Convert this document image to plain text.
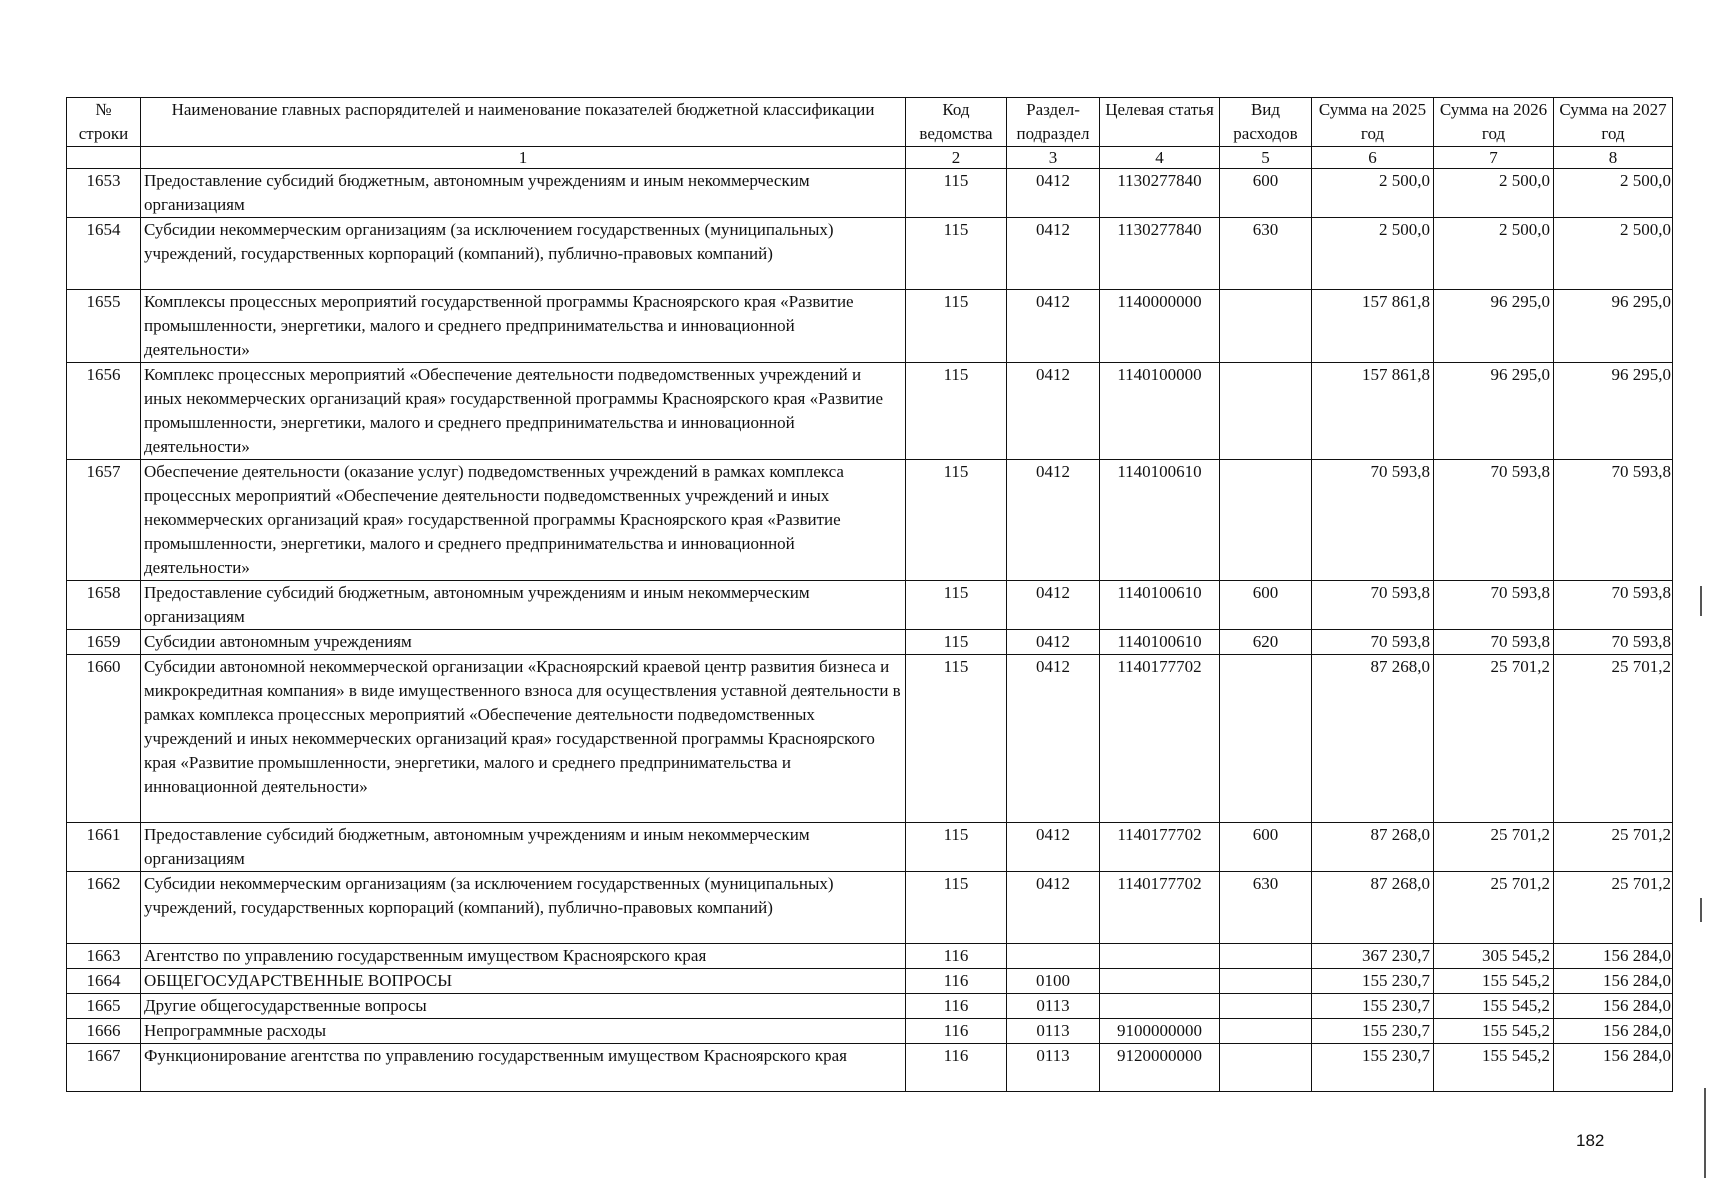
№ строки	Наименование главных распорядителей и наименование показателей бюджетной классификации	Код ведомства	Раздел-подраздел	Целевая статья	Вид расходов	Сумма на 2025 год	Сумма на 2026 год	Сумма на 2027 год
	1	2	3	4	5	6	7	8
1653	Предоставление субсидий бюджетным, автономным учреждениям и иным некоммерческим организациям	115	0412	1130277840	600	2 500,0	2 500,0	2 500,0
1654	Субсидии некоммерческим организациям (за исключением государственных (муниципальных) учреждений, государственных корпораций (компаний), публично-правовых компаний)	115	0412	1130277840	630	2 500,0	2 500,0	2 500,0
1655	Комплексы процессных мероприятий государственной программы Красноярского края «Развитие промышленности, энергетики, малого и среднего предпринимательства и инновационной деятельности»	115	0412	1140000000		157 861,8	96 295,0	96 295,0
1656	Комплекс процессных мероприятий «Обеспечение деятельности подведомственных учреждений и иных некоммерческих организаций края» государственной программы Красноярского края «Развитие промышленности, энергетики, малого и среднего предпринимательства и инновационной деятельности»	115	0412	1140100000		157 861,8	96 295,0	96 295,0
1657	Обеспечение деятельности (оказание услуг) подведомственных учреждений в рамках комплекса процессных мероприятий «Обеспечение деятельности подведомственных учреждений и иных некоммерческих организаций края» государственной программы Красноярского края «Развитие промышленности, энергетики, малого и среднего предпринимательства и инновационной деятельности»	115	0412	1140100610		70 593,8	70 593,8	70 593,8
1658	Предоставление субсидий бюджетным, автономным учреждениям и иным некоммерческим организациям	115	0412	1140100610	600	70 593,8	70 593,8	70 593,8
1659	Субсидии автономным учреждениям	115	0412	1140100610	620	70 593,8	70 593,8	70 593,8
1660	Субсидии автономной некоммерческой организации «Красноярский краевой центр развития бизнеса и микрокредитная компания» в виде имущественного взноса для осуществления уставной деятельности в рамках комплекса процессных мероприятий «Обеспечение деятельности подведомственных учреждений и иных некоммерческих организаций края» государственной программы Красноярского края «Развитие промышленности, энергетики, малого и среднего предпринимательства и инновационной деятельности»	115	0412	1140177702		87 268,0	25 701,2	25 701,2
1661	Предоставление субсидий бюджетным, автономным учреждениям и иным некоммерческим организациям	115	0412	1140177702	600	87 268,0	25 701,2	25 701,2
1662	Субсидии некоммерческим организациям (за исключением государственных (муниципальных) учреждений, государственных корпораций (компаний), публично-правовых компаний)	115	0412	1140177702	630	87 268,0	25 701,2	25 701,2
1663	Агентство по управлению государственным имуществом Красноярского края	116				367 230,7	305 545,2	156 284,0
1664	ОБЩЕГОСУДАРСТВЕННЫЕ ВОПРОСЫ	116	0100			155 230,7	155 545,2	156 284,0
1665	Другие общегосударственные вопросы	116	0113			155 230,7	155 545,2	156 284,0
1666	Непрограммные расходы	116	0113	9100000000		155 230,7	155 545,2	156 284,0
1667	Функционирование агентства по управлению государственным имуществом Красноярского края	116	0113	9120000000		155 230,7	155 545,2	156 284,0
182
